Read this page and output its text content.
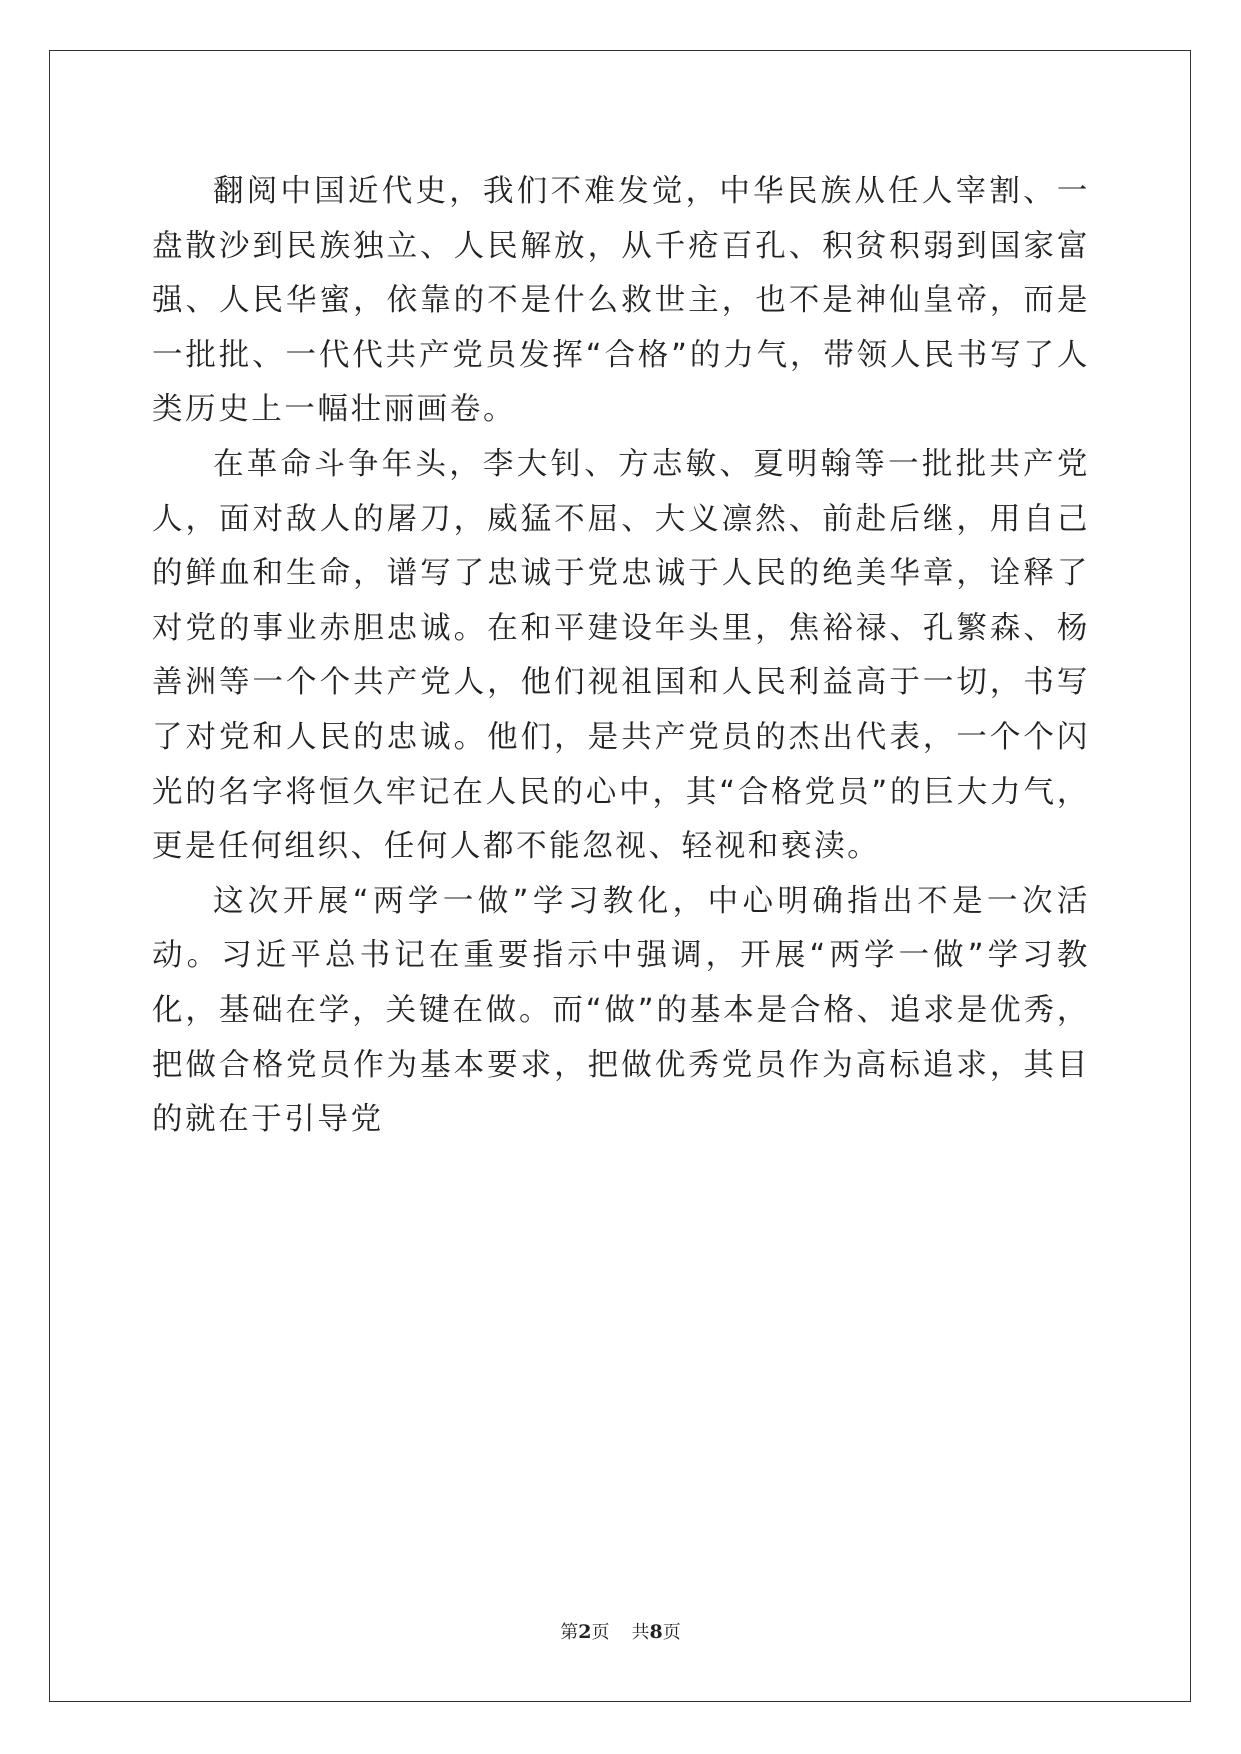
翻阅中国近代史，我们不难发觉，中华民族从任人宰割、一盘散沙到民族独立、人民解放，从千疮百孔、积贫积弱到国家富强、人民华蜜，依靠的不是什么救世主，也不是神仙皇帝，而是一批批、一代代共产党员发挥“合格”的力气，带领人民书写了人类历史上一幅壮丽画卷。

在革命斗争年头，李大钊、方志敏、夏明翰等一批批共产党人，面对敌人的屠刀，威猛不屈、大义凛然、前赴后继，用自己的鲜血和生命，谱写了忠诚于党忠诚于人民的绝美华章，诠释了对党的事业赤胆忠诚。在和平建设年头里，焦裕禄、孔繁森、杨善洲等一个个共产党人，他们视祖国和人民利益高于一切，书写了对党和人民的忠诚。他们，是共产党员的杰出代表，一个个闪光的名字将恒久牢记在人民的心中，其“合格党员”的巨大力气，更是任何组织、任何人都不能忽视、轻视和亵渎。

这次开展“两学一做”学习教化，中心明确指出不是一次活动。习近平总书记在重要指示中强调，开展“两学一做”学习教化，基础在学，关键在做。而“做”的基本是合格、追求是优秀，把做合格党员作为基本要求，把做优秀党员作为高标追求，其目的就在于引导党

第2页 共8页
